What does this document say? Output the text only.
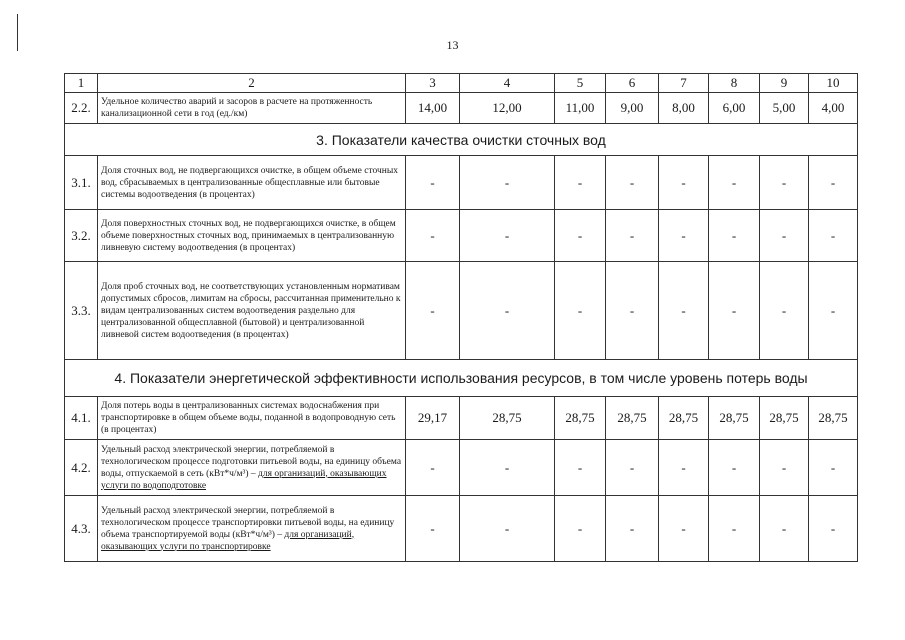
13
1	2	3	4	5	6	7	8	9	10
2.2.	Удельное количество аварий и засоров в расчете на протяженность канализационной сети в год (ед./км)	14,00	12,00	11,00	9,00	8,00	6,00	5,00	4,00
3. Показатели качества очистки сточных вод									
3.1.	Доля сточных вод, не подвергающихся очистке, в общем объеме сточных вод, сбрасываемых в централизованные общесплавные или бытовые системы водоотведения (в процентах)	-	-	-	-	-	-	-	-
3.2.	Доля поверхностных сточных вод, не подвергающихся очистке, в общем объеме поверхностных сточных вод, принимаемых в централизованную ливневую систему водоотведения (в процентах)	-	-	-	-	-	-	-	-
3.3.	Доля проб сточных вод, не соответствующих установленным нормативам допустимых сбросов, лимитам на сбросы, рассчитанная применительно к видам централизованных систем водоотведения раздельно для централизованной общесплавной (бытовой) и централизованной ливневой систем водоотведения (в процентах)	-	-	-	-	-	-	-	-
4. Показатели энергетической эффективности использования ресурсов, в том числе уровень потерь воды									
4.1.	Доля потерь воды в централизованных системах водоснабжения при транспортировке в общем объеме воды, поданной в водопроводную сеть (в процентах)	29,17	28,75	28,75	28,75	28,75	28,75	28,75	28,75
4.2.	Удельный расход электрической энергии, потребляемой в технологическом процессе подготовки питьевой воды, на единицу объема воды, отпускаемой в сеть (кВт*ч/м³) – для организаций, оказывающих услуги по водоподготовке	-	-	-	-	-	-	-	-
4.3.	Удельный расход электрической энергии, потребляемой в технологическом процессе транспортировки питьевой воды, на единицу объема транспортируемой воды (кВт*ч/м³) – для организаций, оказывающих услуги по транспортировке	-	-	-	-	-	-	-	-
